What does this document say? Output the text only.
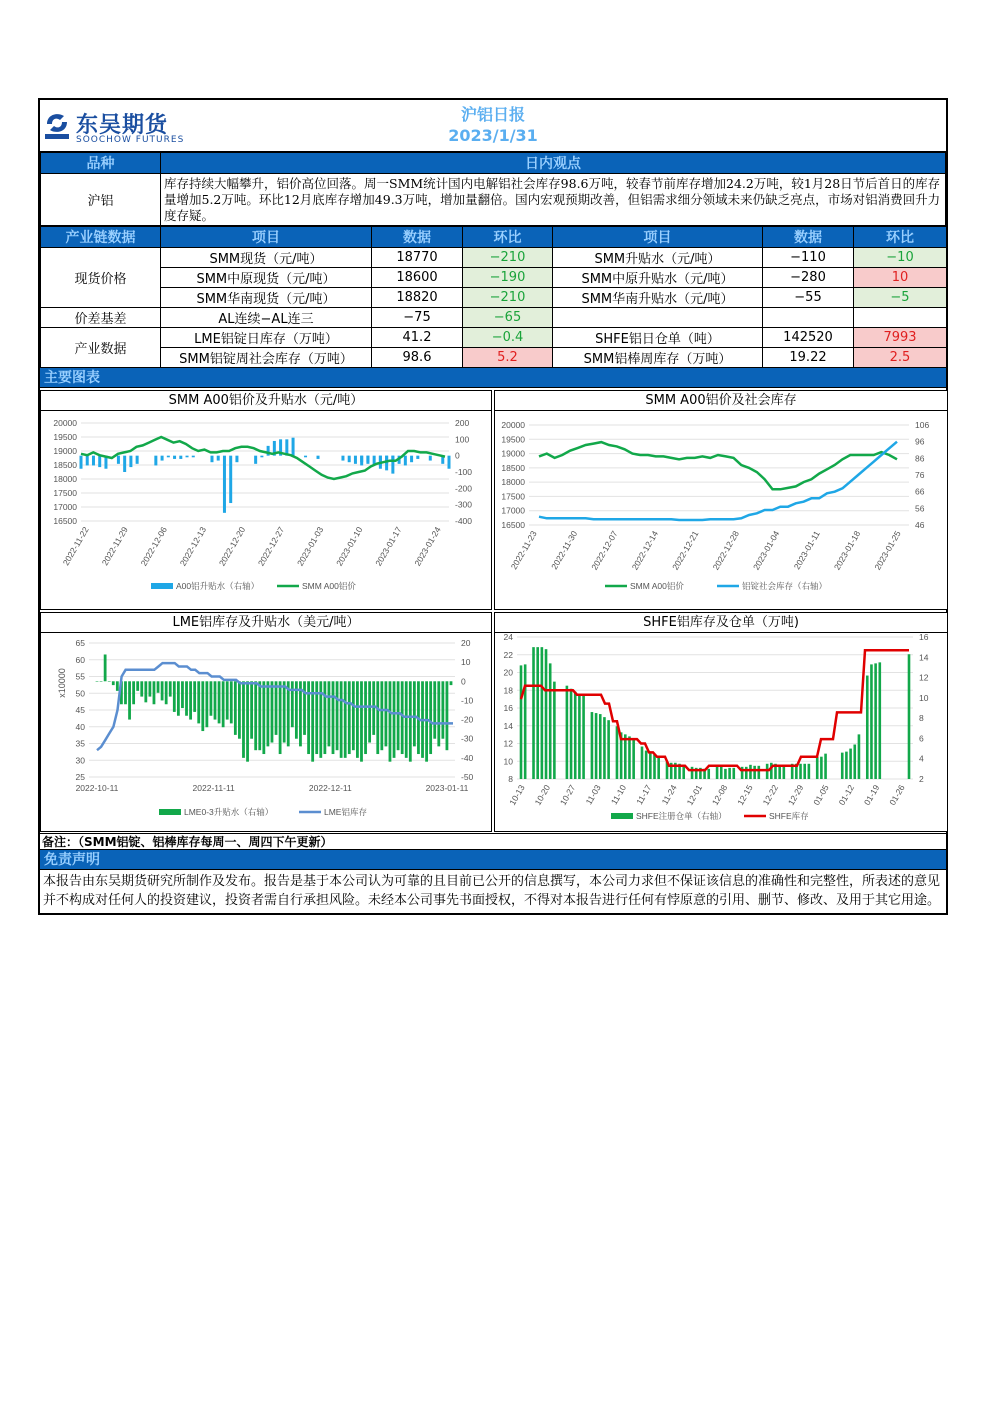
东吴期货
SOOCHOW FUTURES
沪铝日报
2023/1/31
品种	日内观点
沪铝	库存持续大幅攀升，铝价高位回落。周一SMM统计国内电解铝社会库存98.6万吨，较春节前库存增加24.2万吨，较1月28日节后首日的库存量增加5.2万吨。环比12月底库存增加49.3万吨，增加量翻倍。国内宏观预期改善，但铝需求细分领域未来仍缺乏亮点，市场对铝消费回升力度存疑。
产业链数据	项目	数据	环比	项目	数据	环比
现货价格	SMM现货（元/吨）	18770	−210	SMM升贴水（元/吨）	−110	−10
	SMM中原现货（元/吨）	18600	−190	SMM中原升贴水（元/吨）	−280	10
	SMM华南现货（元/吨）	18820	−210	SMM华南升贴水（元/吨）	−55	−5
价差基差	AL连续−AL连三	−75	−65			
产业数据	LME铝锭日库存（万吨）	41.2	−0.4	SHFE铝日仓单（吨）	142520	7993
	SMM铝锭周社会库存（万吨）	98.6	5.2	SMM铝棒周库存（万吨）	19.22	2.5
主要图表
SMM A00铝价及升贴水（元/吨）
20000
19500
19000
18500
18000
17500
17000
16500
200
100
0
-100
-200
-300
-400
2022-11-22 2022-11-29 2022-12-06 2022-12-13 2022-12-20 2022-12-27 2023-01-03 2023-01-10 2023-01-17 2023-01-24
A00铝升贴水（右轴）	SMM A00铝价
SMM A00铝价及社会库存
20000
19500
19000
18500
18000
17500
17000
16500
106
96
86
76
66
56
46
2022-11-23 2022-11-30 2022-12-07 2022-12-14 2022-12-21 2022-12-28 2023-01-04 2023-01-11 2023-01-18 2023-01-25
SMM A00铝价	铝锭社会库存（右轴）
LME铝库存及升贴水（美元/吨）
65
60
55
50
45
40
35
30
25
20
10
0
-10
-20
-30
-40
-50
2022-10-11	2022-11-11	2022-12-11	2023-01-11
x10000
LME0-3升贴水（右轴）	LME铝库存
SHFE铝库存及仓单（万吨)
24
22
20
18
16
14
12
10
8
16
14
12
10
8
6
4
2
10-13 10-20 10-27 11-03 11-10 11-17 11-24 12-01 12-08 12-15 12-22 12-29 01-05 01-12 01-19 01-26
SHFE注册仓单（右轴）	SHFE库存
备注：（SMM铝锭、铝棒库存每周一、周四下午更新）
免责声明
本报告由东吴期货研究所制作及发布。报告是基于本公司认为可靠的且目前已公开的信息撰写，本公司力求但不保证该信息的准确性和完整性，所表述的意见并不构成对任何人的投资建议，投资者需自行承担风险。未经本公司事先书面授权，不得对本报告进行任何有悖原意的引用、删节、修改、及用于其它用途。
